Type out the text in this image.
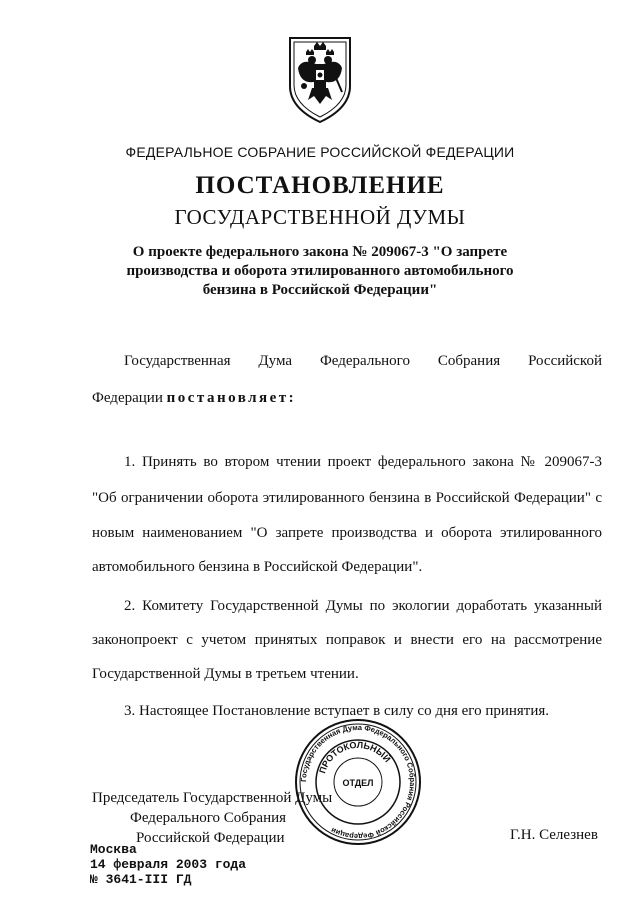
ФЕДЕРАЛЬНОЕ СОБРАНИЕ РОССИЙСКОЙ ФЕДЕРАЦИИ
ПОСТАНОВЛЕНИЕ
ГОСУДАРСТВЕННОЙ ДУМЫ
О проекте федерального закона № 209067-3 "О запрете
производства и оборота этилированного автомобильного
бензина в Российской Федерации"
Государственная Дума Федерального Собрания Российской
Федерации постановляет:
1. Принять во втором чтении проект федерального закона № 209067-3
"Об ограничении оборота этилированного бензина в Российской Федерации" с
новым наименованием "О запрете производства и оборота этилированного
автомобильного бензина в Российской Федерации".
2. Комитету Государственной Думы по экологии доработать указанный
законопроект с учетом принятых поправок и внести его на рассмотрение
Государственной Думы в третьем чтении.
3. Настоящее Постановление вступает в силу со дня его принятия.
Государственная Дума Федерального Собрания Российской Федерации
ПРОТОКОЛЬНЫЙ
ОТДЕЛ
Председатель Государственной Думы
Федерального Собрания
Российской Федерации	Г.Н. Селезнев
Москва
14 февраля 2003 года
№ 3641-III ГД
